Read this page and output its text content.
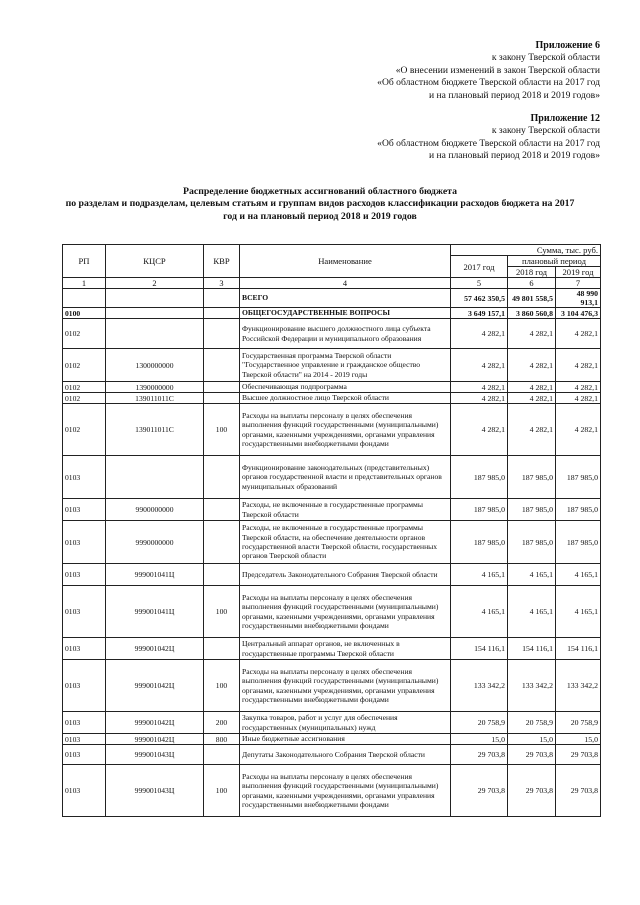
Приложение 6
к закону Тверской области
«О внесении изменений в закон Тверской области
«Об областном бюджете Тверской области на 2017 год
и на плановый период 2018 и 2019 годов»
Приложение 12
к закону Тверской области
«Об областном бюджете Тверской области на 2017 год
и на плановый период 2018 и 2019 годов»
Распределение бюджетных ассигнований областного бюджета
по разделам и подразделам, целевым статьям и группам видов расходов классификации расходов бюджета на 2017
год и на плановый период 2018 и 2019 годов
РП	КЦСР	КВР	Наименование	Сумма, тыс. руб.		
				2017 год	плановый период	
					2018 год	2019 год
1	2	3	4	5	6	7
			ВСЕГО	57 462 350,5	49 801 558,5	48 990 913,1
0100			ОБЩЕГОСУДАРСТВЕННЫЕ ВОПРОСЫ	3 649 157,1	3 860 560,8	3 104 476,3
0102			Функционирование высшего должностного лица субъекта Российской Федерации и муниципального образования	4 282,1	4 282,1	4 282,1
0102	1300000000		Государственная программа Тверской области "Государственное управление и гражданское общество Тверской области" на 2014 - 2019 годы	4 282,1	4 282,1	4 282,1
0102	1390000000		Обеспечивающая подпрограмма	4 282,1	4 282,1	4 282,1
0102	139011011С		Высшее должностное лицо Тверской области	4 282,1	4 282,1	4 282,1
0102	139011011С	100	Расходы на выплаты персоналу в целях обеспечения выполнения функций государственными (муниципальными) органами, казенными учреждениями, органами управления государственными внебюджетными фондами	4 282,1	4 282,1	4 282,1
0103			Функционирование законодательных (представительных) органов государственной власти и представительных органов муниципальных образований	187 985,0	187 985,0	187 985,0
0103	9900000000		Расходы, не включенные в государственные программы Тверской области	187 985,0	187 985,0	187 985,0
0103	9990000000		Расходы, не включенные в государственные программы Тверской области, на обеспечение деятельности органов государственной власти Тверской области, государственных органов Тверской области	187 985,0	187 985,0	187 985,0
0103	999001041Ц		Председатель Законодательного Собрания Тверской области	4 165,1	4 165,1	4 165,1
0103	999001041Ц	100	Расходы на выплаты персоналу в целях обеспечения выполнения функций государственными (муниципальными) органами, казенными учреждениями, органами управления государственными внебюджетными фондами	4 165,1	4 165,1	4 165,1
0103	999001042Ц		Центральный аппарат органов, не включенных в государственные программы Тверской области	154 116,1	154 116,1	154 116,1
0103	999001042Ц	100	Расходы на выплаты персоналу в целях обеспечения выполнения функций государственными (муниципальными) органами, казенными учреждениями, органами управления государственными внебюджетными фондами	133 342,2	133 342,2	133 342,2
0103	999001042Ц	200	Закупка товаров, работ и услуг для обеспечения государственных (муниципальных) нужд	20 758,9	20 758,9	20 758,9
0103	999001042Ц	800	Иные бюджетные ассигнования	15,0	15,0	15,0
0103	999001043Ц		Депутаты Законодательного Собрания Тверской области	29 703,8	29 703,8	29 703,8
0103	999001043Ц	100	Расходы на выплаты персоналу в целях обеспечения выполнения функций государственными (муниципальными) органами, казенными учреждениями, органами управления государственными внебюджетными фондами	29 703,8	29 703,8	29 703,8
